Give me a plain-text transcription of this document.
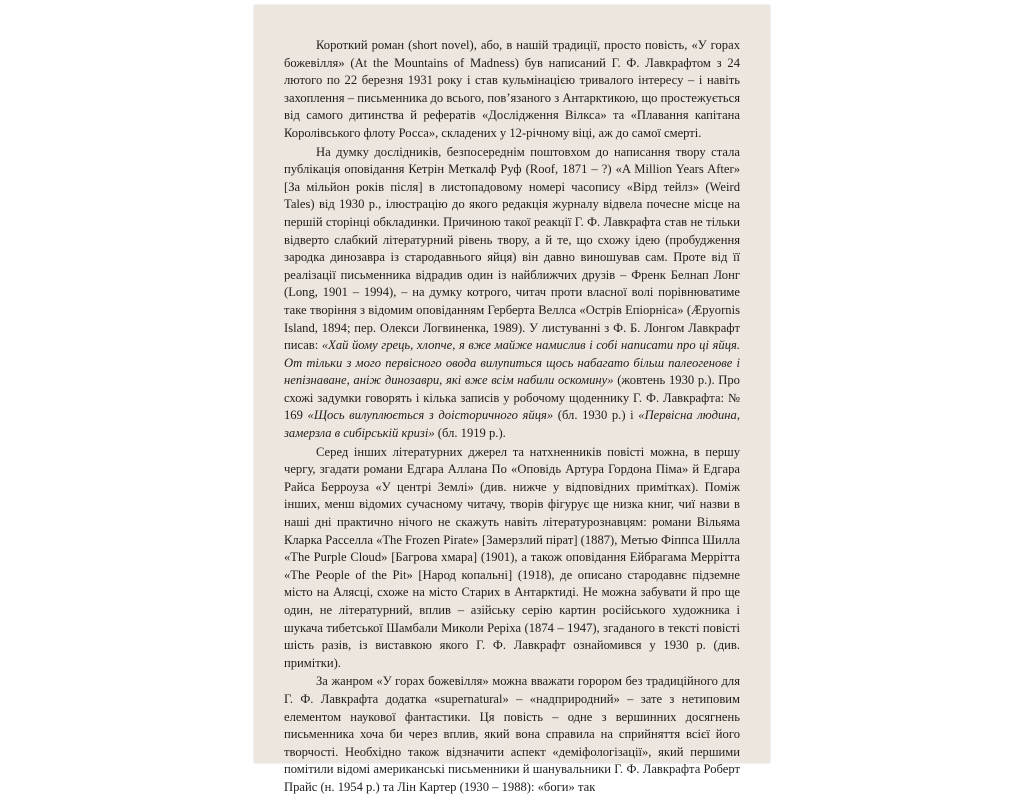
Короткий роман (short novel), або, в нашій традиції, просто повість, «У горах божевілля» (At the Mountains of Madness) був написаний Г. Ф. Лавкрафтом з 24 лютого по 22 березня 1931 року і став кульмінацією тривалого інтересу – і навіть захоплення – письменника до всього, пов’язаного з Антарктикою, що простежується від самого дитинства й рефератів «Дослідження Вілкса» та «Плавання капітана Королівського флоту Росса», складених у 12-річному віці, аж до самої смерті.

На думку дослідників, безпосереднім поштовхом до написання твору стала публікація оповідання Кетрін Меткалф Руф (Roof, 1871 – ?) «A Million Years After» [За мільйон років після] в листопадовому номері часопису «Вірд тейлз» (Weird Tales) від 1930 р., ілюстрацію до якого редакція журналу відвела почесне місце на першій сторінці обкладинки. Причиною такої реакції Г. Ф. Лавкрафта став не тільки відверто слабкий літературний рівень твору, а й те, що схожу ідею (пробудження зародка динозавра із стародавнього яйця) він давно виношував сам. Проте від її реалізації письменника відрадив один із найближчих друзів – Френк Белнап Лонг (Long, 1901 – 1994), – на думку котрого, читач проти власної волі порівнюватиме таке творіння з відомим оповіданням Герберта Веллса «Острів Епіорніса» (Æpyornis Island, 1894; пер. Олекси Логвиненка, 1989). У листуванні з Ф. Б. Лонгом Лавкрафт писав: «Хай йому грець, хлопче, я вже майже намислив і собі написати про ці яйця. От тільки з мого первісного овода вилупиться щось набагато більш палеогенове і непізнаване, аніж динозаври, які вже всім набили оскомину» (жовтень 1930 р.). Про схожі задумки говорять і кілька записів у робочому щоденнику Г. Ф. Лавкрафта: № 169 «Щось вилуплюється з доісторичного яйця» (бл. 1930 р.) і «Первісна людина, замерзла в сибірській кризі» (бл. 1919 р.).

Серед інших літературних джерел та натхненників повісті можна, в першу чергу, згадати романи Едгара Аллана По «Оповідь Артура Гордона Піма» й Едгара Райса Берроуза «У центрі Землі» (див. нижче у відповідних примітках). Поміж інших, менш відомих сучасному читачу, творів фігурує ще низка книг, чиї назви в наші дні практично нічого не скажуть навіть літературознавцям: романи Вільяма Кларка Расселла «The Frozen Pirate» [Замерзлий пірат] (1887), Метью Фіппса Шилла «The Purple Cloud» [Багрова хмара] (1901), а також оповідання Ейбрагама Меррітта «The People of the Pit» [Народ копальні] (1918), де описано стародавнє підземне місто на Алясці, схоже на місто Старих в Антарктиді. Не можна забувати й про ще один, не літературний, вплив – азійську серію картин російського художника і шукача тибетської Шамбали Миколи Реріха (1874 – 1947), згаданого в тексті повісті шість разів, із виставкою якого Г. Ф. Лавкрафт ознайомився у 1930 р. (див. примітки).

За жанром «У горах божевілля» можна вважати горором без традиційного для Г. Ф. Лавкрафта додатка «supernatural» – «надприродний» – зате з нетиповим елементом наукової фантастики. Ця повість – одне з вершинних досягнень письменника хоча би через вплив, який вона справила на сприйняття всієї його творчості. Необхідно також відзначити аспект «деміфологізації», який першими помітили відомі американські письменники й шанувальники Г. Ф. Лавкрафта Роберт Прайс (н. 1954 р.) та Лін Картер (1930 – 1988): «боги» так
